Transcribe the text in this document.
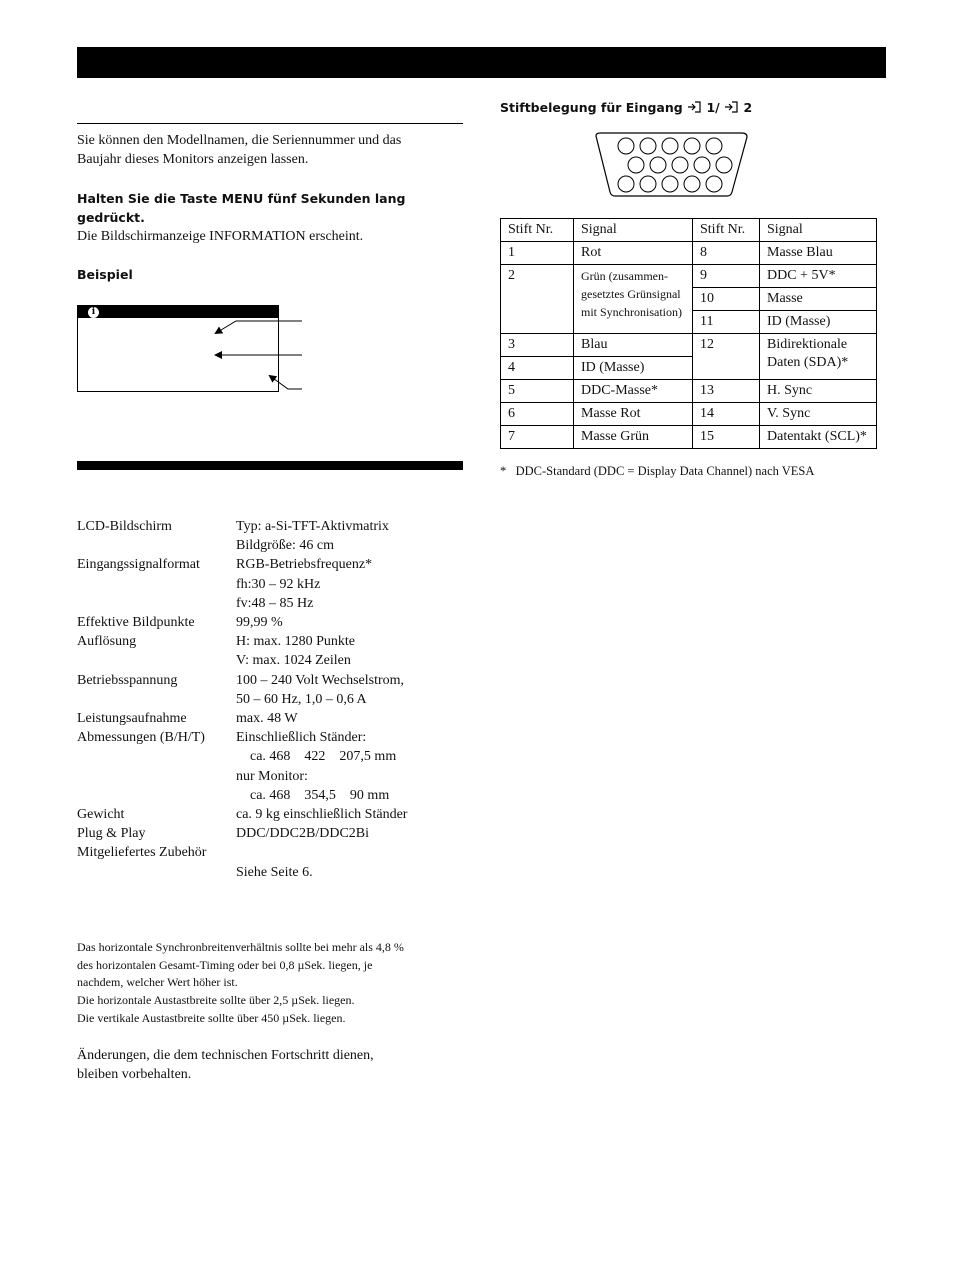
Sie können den Modellnamen, die Seriennummer und das
Baujahr dieses Monitors anzeigen lassen.
Halten Sie die Taste MENU fünf Sekunden lang
gedrückt.
Die Bildschirmanzeige INFORMATION erscheint.
Beispiel
i
LCD-Bildschirm	Typ: a-Si-TFT-Aktivmatrix
Bildgröße: 46 cm
Eingangssignalformat	RGB-Betriebsfrequenz*
fh:30 – 92 kHz
fv:48 – 85 Hz
Effektive Bildpunkte	99,99 %
Auflösung	H: max. 1280 Punkte
V: max. 1024 Zeilen
Betriebsspannung	100 – 240 Volt Wechselstrom,
50 – 60 Hz, 1,0 – 0,6 A
Leistungsaufnahme	max. 48 W
Abmessungen (B/H/T)	Einschließlich Ständer:
ca. 468    422    207,5 mm
nur Monitor:
ca. 468    354,5    90 mm
Gewicht	ca. 9 kg einschließlich Ständer
Plug & Play	DDC/DDC2B/DDC2Bi
Mitgeliefertes Zubehör
Siehe Seite 6.
Das horizontale Synchronbreitenverhältnis sollte bei mehr als 4,8 %
des horizontalen Gesamt-Timing oder bei 0,8 µSek. liegen, je
nachdem, welcher Wert höher ist.
Die horizontale Austastbreite sollte über 2,5 µSek. liegen.
Die vertikale Austastbreite sollte über 450 µSek. liegen.
Änderungen, die dem technischen Fortschritt dienen,
bleiben vorbehalten.
Stiftbelegung für Eingang  1/ 2
Stift Nr.	Signal	Stift Nr.	Signal
1	Rot	8	Masse Blau
2	Grün (zusammen-
gesetztes Grünsignal
mit Synchronisation)	9	DDC + 5V*
		10	Masse
		11	ID (Masse)
3	Blau	12	Bidirektionale
Daten (SDA)*

4	ID (Masse)		
5	DDC-Masse*	13	H. Sync
6	Masse Rot	14	V. Sync
7	Masse Grün	15	Datentakt (SCL)*
* DDC-Standard (DDC = Display Data Channel) nach VESA
